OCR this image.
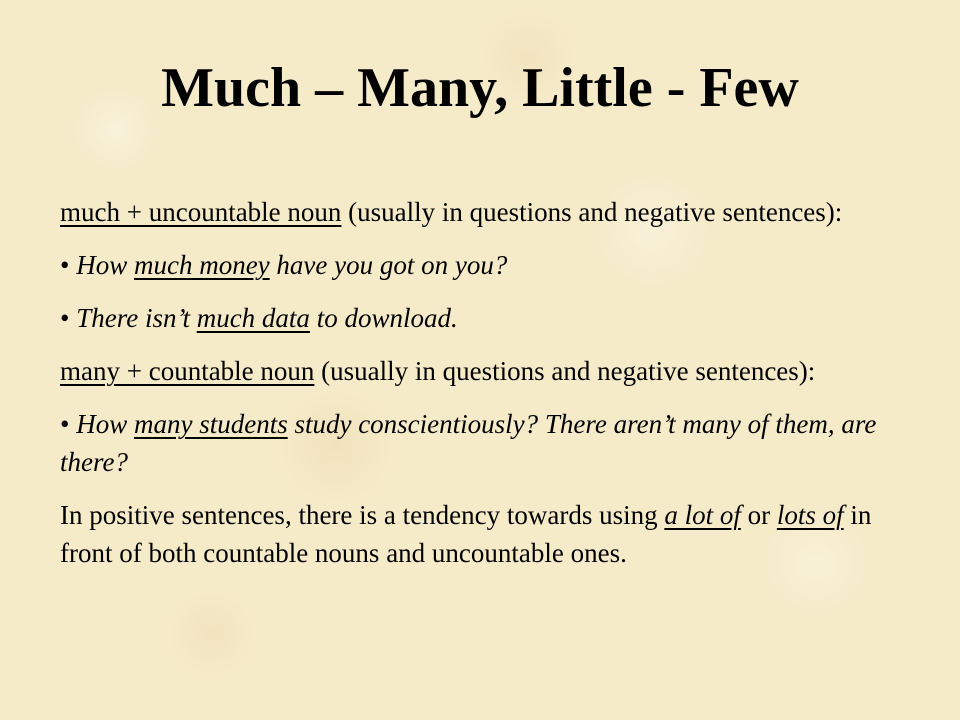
Much – Many, Little - Few

much + uncountable noun (usually in questions and negative sentences):

• How much money have you got on you?

• There isn’t much data to download.

many + countable noun (usually in questions and negative sentences):

• How many students study conscientiously? There aren’t many of them, are there?

In positive sentences, there is a tendency towards using a lot of or lots of in front of both countable nouns and uncountable ones.
